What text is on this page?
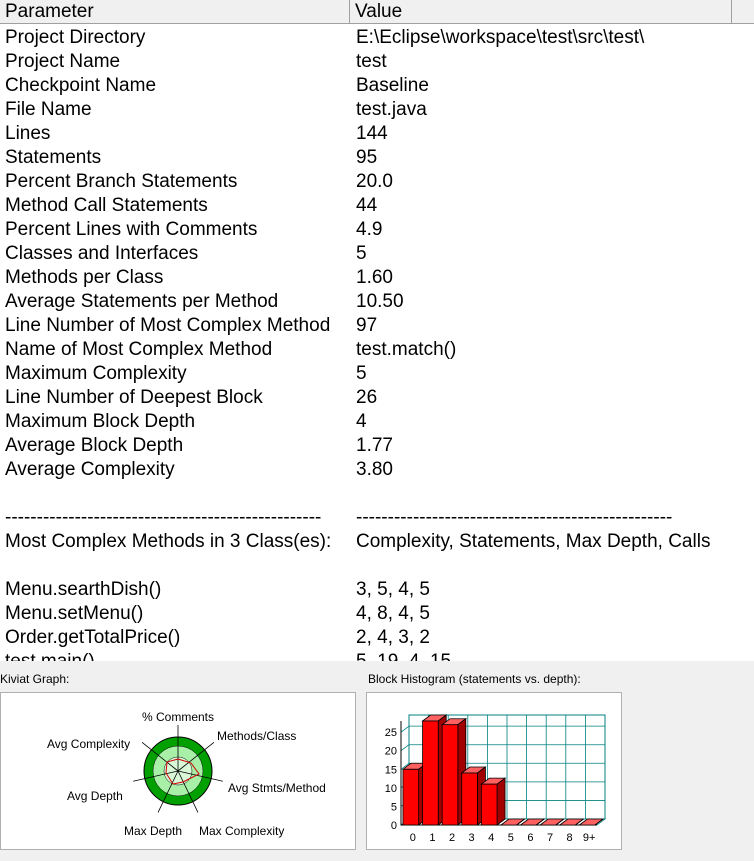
Parameter	Value
Project Directory	E:\Eclipse\workspace\test\src\test\
Project Name	test
Checkpoint Name	Baseline
File Name	test.java
Lines	144
Statements	95
Percent Branch Statements	20.0
Method Call Statements	44
Percent Lines with Comments	4.9
Classes and Interfaces	5
Methods per Class	1.60
Average Statements per Method	10.50
Line Number of Most Complex Method 97
Name of Most Complex Method	test.match()
Maximum Complexity	5
Line Number of Deepest Block	26
Maximum Block Depth	4
Average Block Depth	1.77
Average Complexity	3.80
-------------------------------------------------- --------------------------------------------------
Most Complex Methods in 3 Class(es): Complexity, Statements, Max Depth, Calls
Menu.searthDish()	3, 5, 4, 5
Menu.setMenu()	4, 8, 4, 5
Order.getTotalPrice()	2, 4, 3, 2
Kiviat Graph:	Block Histogram (statements vs. depth):
% Comments
Methods/Class
Avg Stmts/Method
Max Complexity
Max Depth
Avg Depth
Avg Complexity
0
5
10
15
20
25
0 1 2 3 4 5 6 7 8 9+
